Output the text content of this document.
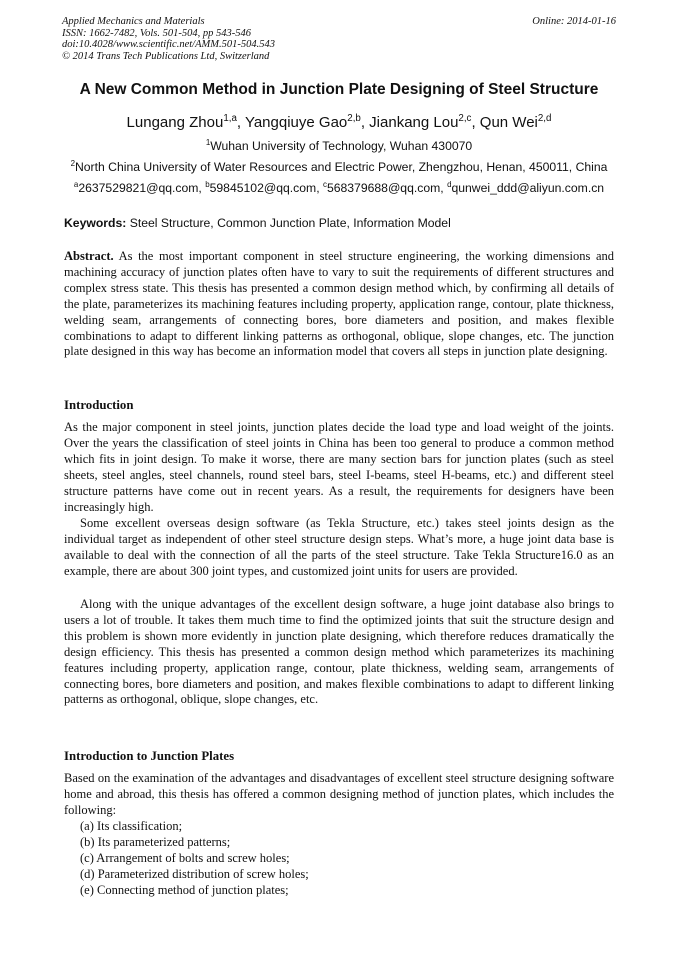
Applied Mechanics and Materials
ISSN: 1662-7482, Vols. 501-504, pp 543-546
doi:10.4028/www.scientific.net/AMM.501-504.543
© 2014 Trans Tech Publications Ltd, Switzerland
Online: 2014-01-16
A New Common Method in Junction Plate Designing of Steel Structure
Lungang Zhou$^{1,a}$, Yangqiuye Gao$^{2,b}$, Jiankang Lou$^{2,c}$, Qun Wei$^{2,d}$
$^1$Wuhan University of Technology, Wuhan 430070
$^2$North China University of Water Resources and Electric Power, Zhengzhou, Henan, 450011, China
$^a$2637529821@qq.com, $^b$59845102@qq.com, $^c$568379688@qq.com, $^d$qunwei_ddd@aliyun.com.cn
Keywords: Steel Structure, Common Junction Plate, Information Model
Abstract. As the most important component in steel structure engineering, the working dimensions and machining accuracy of junction plates often have to vary to suit the requirements of different structures and complex stress state. This thesis has presented a common design method which, by confirming all details of the plate, parameterizes its machining features including property, application range, contour, plate thickness, welding seam, arrangements of connecting bores, bore diameters and position, and makes flexible combinations to adapt to different linking patterns as orthogonal, oblique, slope changes, etc. The junction plate designed in this way has become an information model that covers all steps in junction plate designing.
Introduction
As the major component in steel joints, junction plates decide the load type and load weight of the joints. Over the years the classification of steel joints in China has been too general to produce a common method which fits in joint design. To make it worse, there are many section bars for junction plates (such as steel sheets, steel angles, steel channels, round steel bars, steel I-beams, steel H-beams, etc.) and different steel structure patterns have come out in recent years. As a result, the requirements for designers have been increasingly high.
Some excellent overseas design software (as Tekla Structure, etc.) takes steel joints design as the individual target as independent of other steel structure design steps. What’s more, a huge joint data base is available to deal with the connection of all the parts of the steel structure. Take Tekla Structure16.0 as an example, there are about 300 joint types, and customized joint units for users are provided.
Along with the unique advantages of the excellent design software, a huge joint database also brings to users a lot of trouble. It takes them much time to find the optimized joints that suit the structure design and this problem is shown more evidently in junction plate designing, which therefore reduces dramatically the design efficiency. This thesis has presented a common design method which parameterizes its machining features including property, application range, contour, plate thickness, welding seam, arrangements of connecting bores, bore diameters and position, and makes flexible combinations to adapt to different linking patterns as orthogonal, oblique, slope changes, etc.
Introduction to Junction Plates
Based on the examination of the advantages and disadvantages of excellent steel structure designing software home and abroad, this thesis has offered a common designing method of junction plates, which includes the following:
(a) Its classification;
(b) Its parameterized patterns;
(c) Arrangement of bolts and screw holes;
(d) Parameterized distribution of screw holes;
(e) Connecting method of junction plates;
